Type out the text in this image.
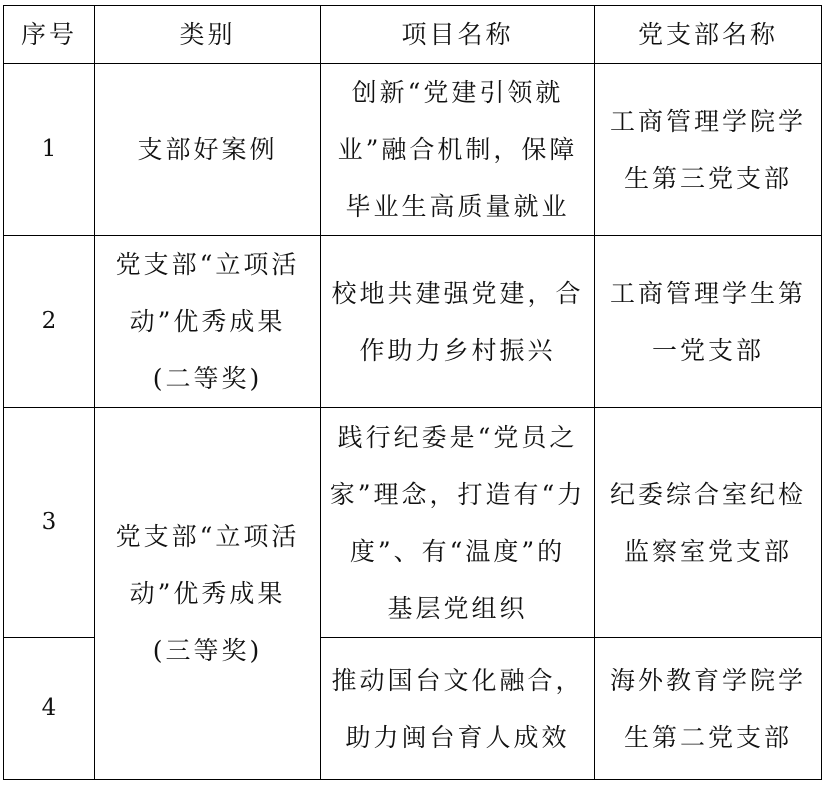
序号	类别	项目名称	党支部名称
1	支部好案例	创新“党建引领就
业”融合机制，保障
毕业生高质量就业	工商管理学院学
生第三党支部

2	党支部“立项活
动”优秀成果
(二等奖)	校地共建强党建，合
作助力乡村振兴	工商管理学生第
一党支部

3	党支部“立项活
动”优秀成果
(三等奖)	践行纪委是“党员之
家”理念，打造有“力
度”、有“温度”的
基层党组织	纪委综合室纪检
监察室党支部

4		推动国台文化融合，
助力闽台育人成效	海外教育学院学
生第二党支部
